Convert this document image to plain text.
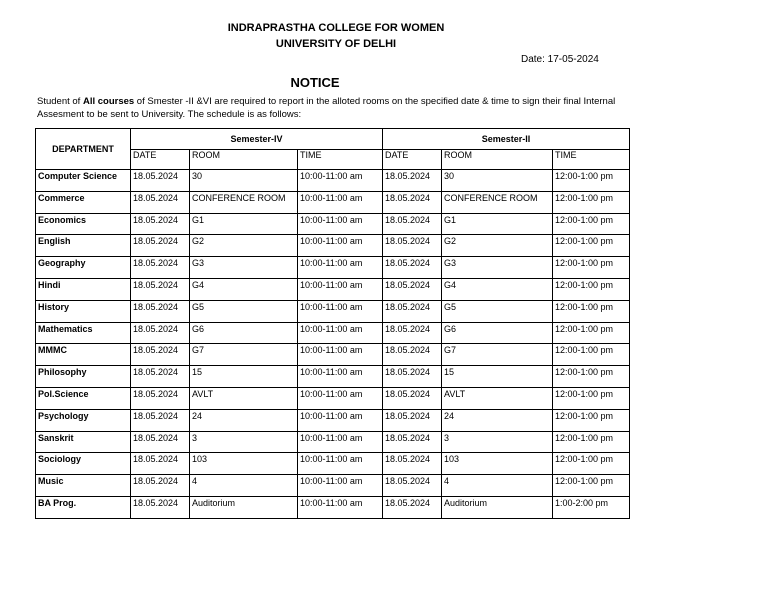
INDRAPRASTHA COLLEGE FOR WOMEN
UNIVERSITY OF DELHI
Date: 17-05-2024
NOTICE
Student of All courses of Smester -II &VI are required to report in the alloted rooms on the specified date & time to sign their final Internal Assesment to be sent to University. The schedule is as follows:
DEPARTMENT	Semester-IV			Semester-II		
	DATE	ROOM	TIME	DATE	ROOM	TIME
Computer Science	18.05.2024	30	10:00-11:00 am	18.05.2024	30	12:00-1:00 pm
Commerce	18.05.2024	CONFERENCE ROOM	10:00-11:00 am	18.05.2024	CONFERENCE ROOM	12:00-1:00 pm
Economics	18.05.2024	G1	10:00-11:00 am	18.05.2024	G1	12:00-1:00 pm
English	18.05.2024	G2	10:00-11:00 am	18.05.2024	G2	12:00-1:00 pm
Geography	18.05.2024	G3	10:00-11:00 am	18.05.2024	G3	12:00-1:00 pm
Hindi	18.05.2024	G4	10:00-11:00 am	18.05.2024	G4	12:00-1:00 pm
History	18.05.2024	G5	10:00-11:00 am	18.05.2024	G5	12:00-1:00 pm
Mathematics	18.05.2024	G6	10:00-11:00 am	18.05.2024	G6	12:00-1:00 pm
MMMC	18.05.2024	G7	10:00-11:00 am	18.05.2024	G7	12:00-1:00 pm
Philosophy	18.05.2024	15	10:00-11:00 am	18.05.2024	15	12:00-1:00 pm
Pol.Science	18.05.2024	AVLT	10:00-11:00 am	18.05.2024	AVLT	12:00-1:00 pm
Psychology	18.05.2024	24	10:00-11:00 am	18.05.2024	24	12:00-1:00 pm
Sanskrit	18.05.2024	3	10:00-11:00 am	18.05.2024	3	12:00-1:00 pm
Sociology	18.05.2024	103	10:00-11:00 am	18.05.2024	103	12:00-1:00 pm
Music	18.05.2024	4	10:00-11:00 am	18.05.2024	4	12:00-1:00 pm
BA Prog.	18.05.2024	Auditorium	10:00-11:00 am	18.05.2024	Auditorium	1:00-2:00 pm
